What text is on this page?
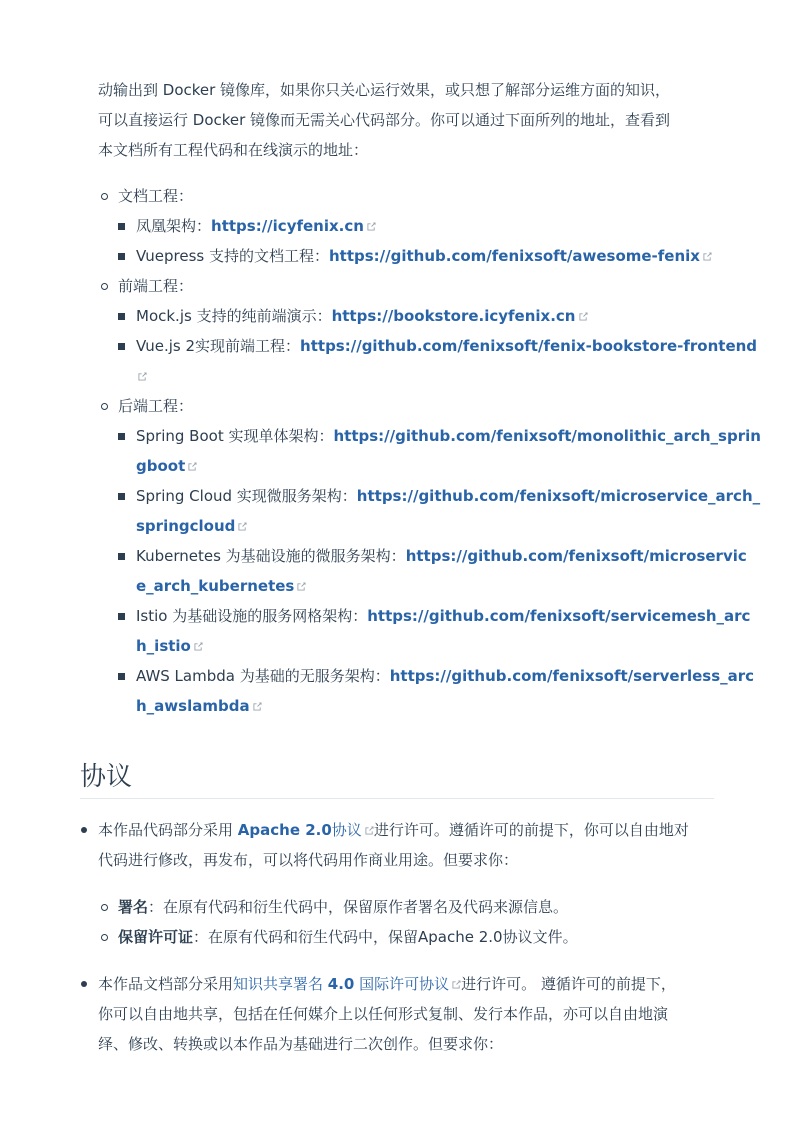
动输出到 Docker 镜像库，如果你只关心运行效果，或只想了解部分运维方面的知识，
可以直接运行 Docker 镜像而无需关心代码部分。你可以通过下面所列的地址，查看到
本文档所有工程代码和在线演示的地址：
文档工程：
凤凰架构：https://icyfenix.cn
Vuepress 支持的文档工程：https://github.com/fenixsoft/awesome-fenix
前端工程：
Mock.js 支持的纯前端演示：https://bookstore.icyfenix.cn
Vue.js 2实现前端工程：https://github.com/fenixsoft/fenix-bookstore-frontend
后端工程：
Spring Boot 实现单体架构：https://github.com/fenixsoft/monolithic_arch_sprin
gboot
Spring Cloud 实现微服务架构：https://github.com/fenixsoft/microservice_arch_
springcloud
Kubernetes 为基础设施的微服务架构：https://github.com/fenixsoft/microservic
e_arch_kubernetes
Istio 为基础设施的服务网格架构：https://github.com/fenixsoft/servicemesh_arc
h_istio
AWS Lambda 为基础的无服务架构：https://github.com/fenixsoft/serverless_arc
h_awslambda
协议
本作品代码部分采用 Apache 2.0协议 进行许可。遵循许可的前提下，你可以自由地对
代码进行修改，再发布，可以将代码用作商业用途。但要求你：
署名：在原有代码和衍生代码中，保留原作者署名及代码来源信息。
保留许可证：在原有代码和衍生代码中，保留Apache 2.0协议文件。
本作品文档部分采用知识共享署名 4.0 国际许可协议 进行许可。 遵循许可的前提下，
你可以自由地共享，包括在任何媒介上以任何形式复制、发行本作品，亦可以自由地演
绎、修改、转换或以本作品为基础进行二次创作。但要求你：
